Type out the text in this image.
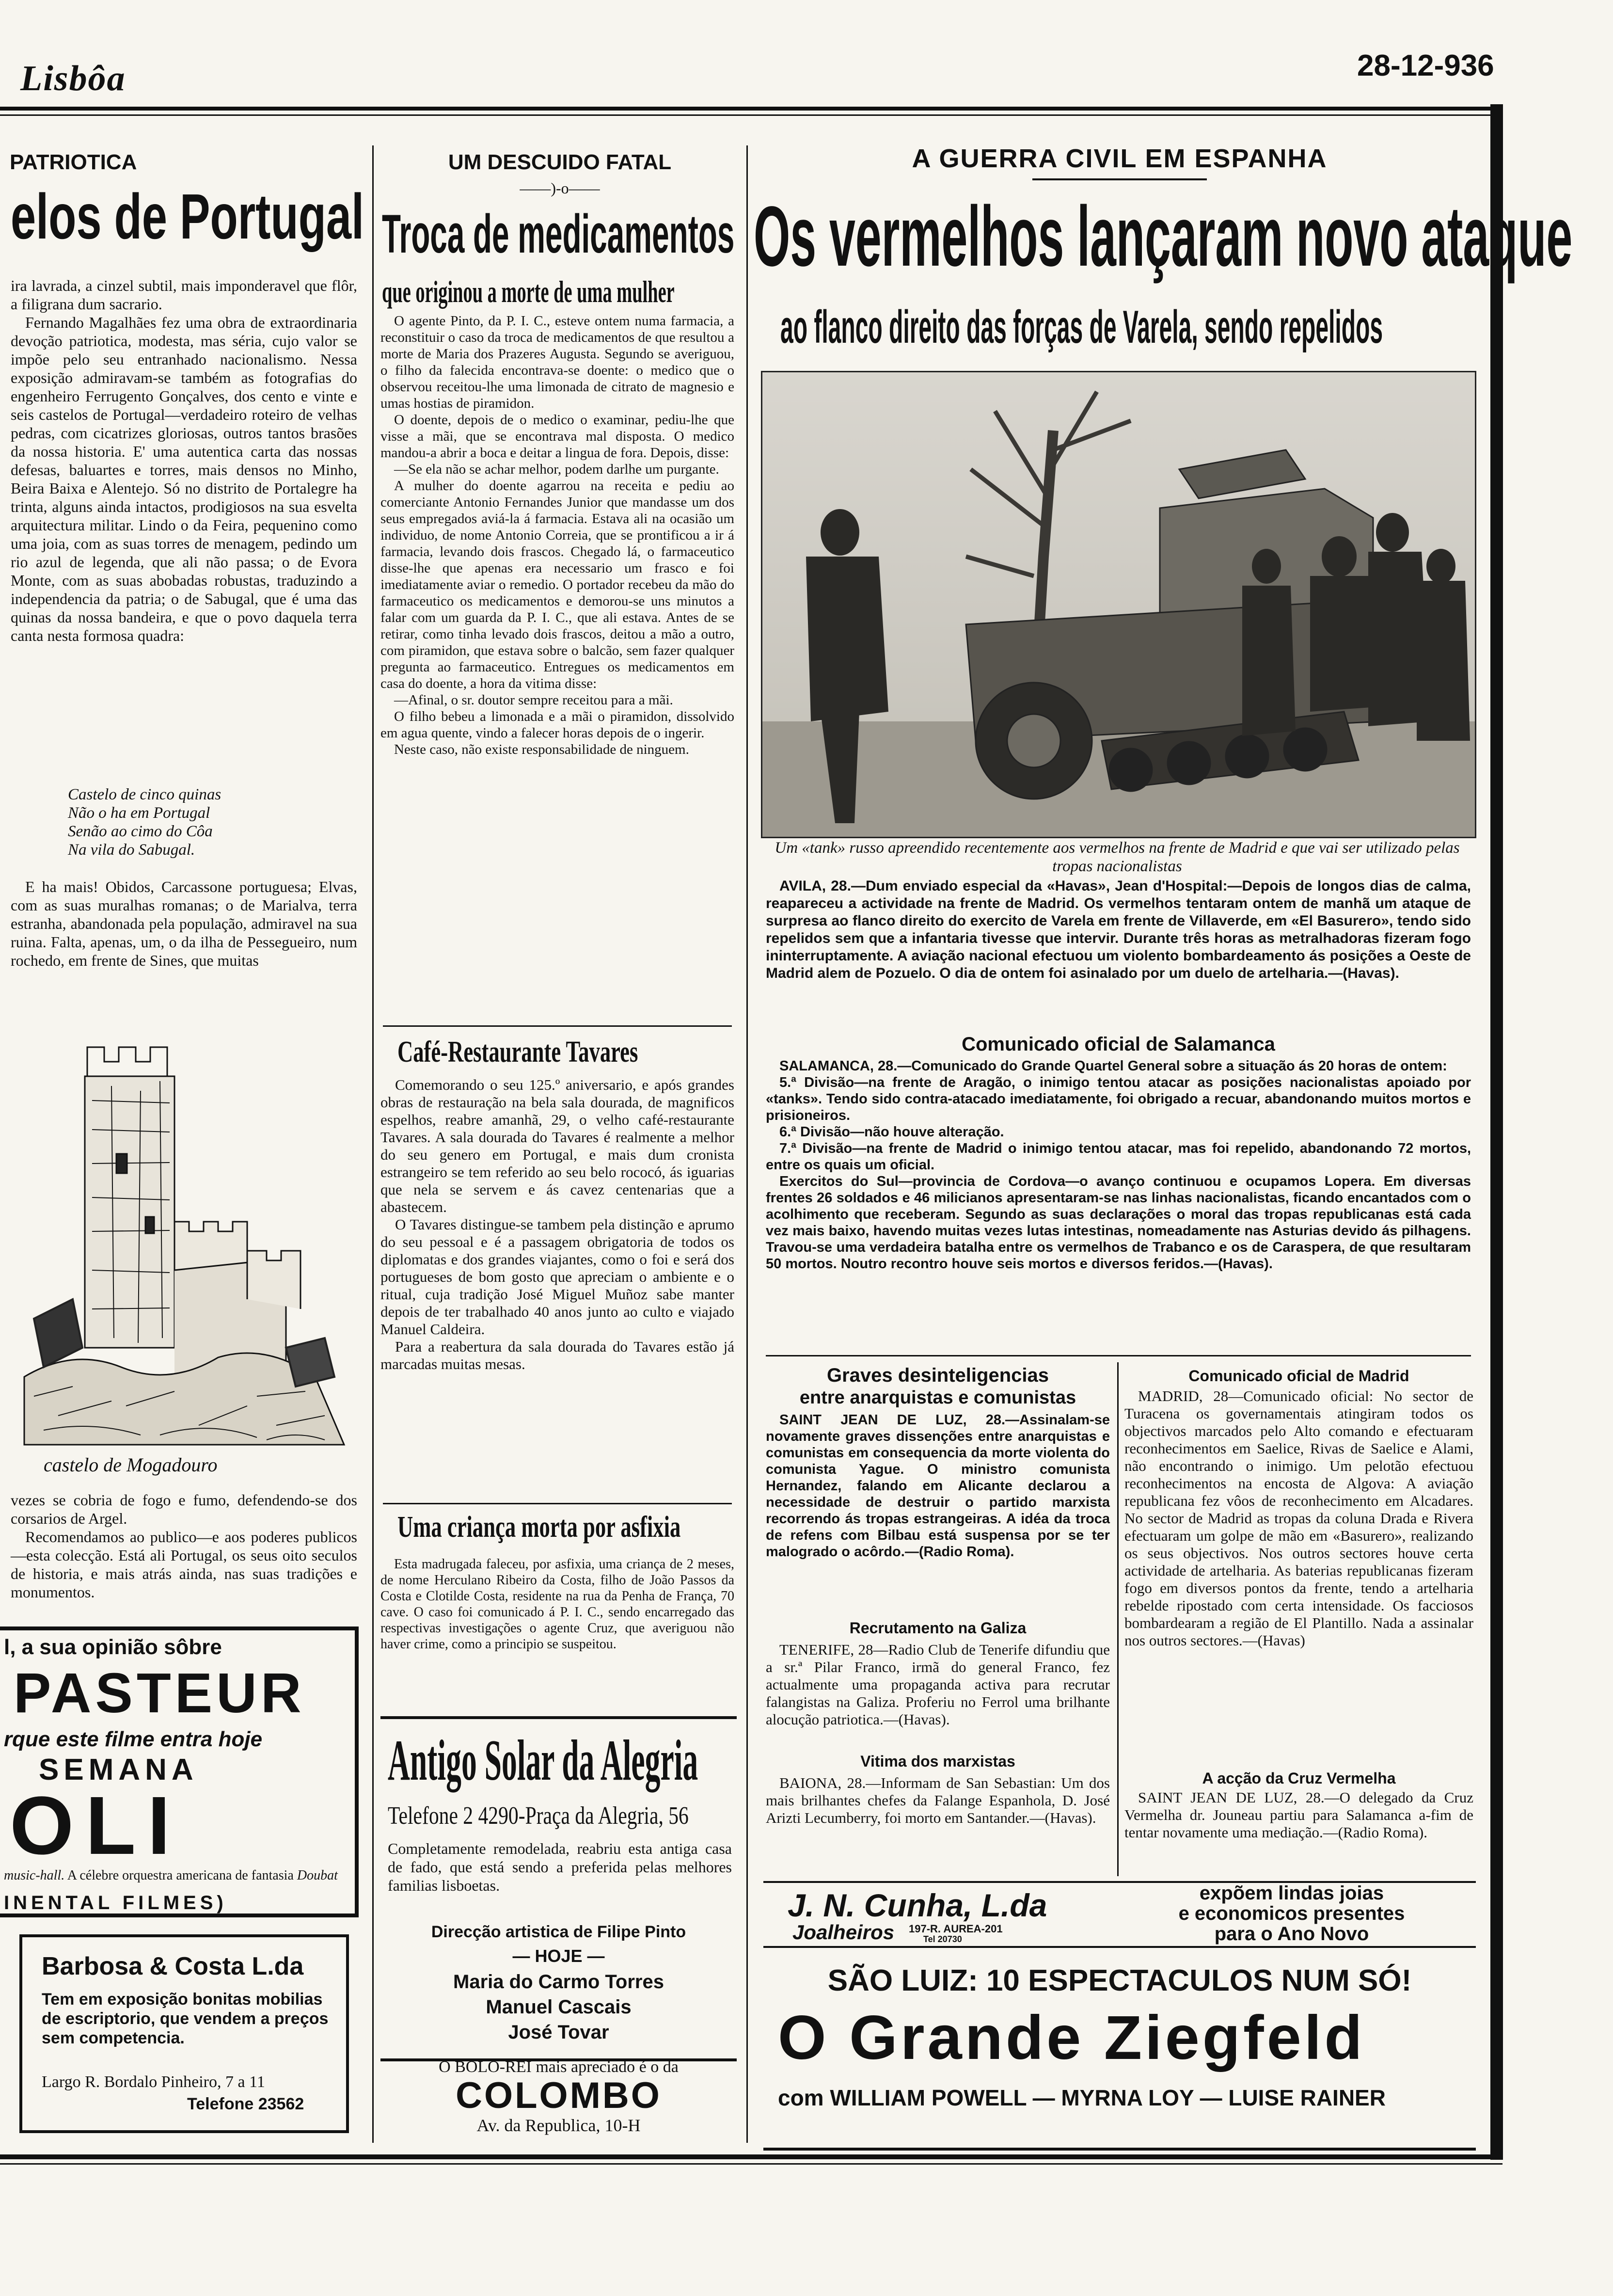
Lisbôa	28-12-936
PATRIOTICA
elos de Portugal

ira lavrada, a cinzel subtil, mais imponderavel que flôr, a filigrana dum sacrario.

Fernando Magalhães fez uma obra de extraordinaria devoção patriotica, modesta, mas séria, cujo valor se impõe pelo seu entranhado nacionalismo. Nessa exposição admiravam-se também as fotografias do engenheiro Ferrugento Gonçalves, dos cento e vinte e seis castelos de Portugal—verdadeiro roteiro de velhas pedras, com cicatrizes gloriosas, outros tantos brasões da nossa historia. E' uma autentica carta das nossas defesas, baluartes e torres, mais densos no Minho, Beira Baixa e Alentejo. Só no distrito de Portalegre ha trinta, alguns ainda intactos, prodigiosos na sua esvelta arquitectura militar. Lindo o da Feira, pequenino como uma joia, com as suas torres de menagem, pedindo um rio azul de legenda, que ali não passa; o de Evora Monte, com as suas abobadas robustas, traduzindo a independencia da patria; o de Sabugal, que é uma das quinas da nossa bandeira, e que o povo daquela terra canta nesta formosa quadra:

Castelo de cinco quinas
Não o ha em Portugal
Senão ao cimo do Côa
Na vila do Sabugal.

E ha mais! Obidos, Carcassone portuguesa; Elvas, com as suas muralhas romanas; o de Marialva, terra estranha, abandonada pela população, admiravel na sua ruina. Falta, apenas, um, o da ilha de Pessegueiro, num rochedo, em frente de Sines, que muitas

castelo de Mogadouro

vezes se cobria de fogo e fumo, defendendo-se dos corsarios de Argel.

Recomendamos ao publico—e aos poderes publicos—esta colecção. Está ali Portugal, os seus oito seculos de historia, e mais atrás ainda, nas suas tradições e monumentos.

l, a sua opinião sôbre
PASTEUR
rque este filme entra hoje
SEMANA
OLI
music-hall. A célebre orquestra americana de fantasia Doubat
INENTAL FILMES)
Barbosa & Costa L.da
Tem em exposição bonitas mobilias de escriptorio, que vendem a preços sem competencia.
Largo R. Bordalo Pinheiro, 7 a 11
Telefone 23562
UM DESCUIDO FATAL
——)-o——
Troca de medicamentos
que originou a morte de uma mulher

O agente Pinto, da P. I. C., esteve ontem numa farmacia, a reconstituir o caso da troca de medicamentos de que resultou a morte de Maria dos Prazeres Augusta. Segundo se averiguou, o filho da falecida encontrava-se doente: o medico que o observou receitou-lhe uma limonada de citrato de magnesio e umas hostias de piramidon.

O doente, depois de o medico o examinar, pediu-lhe que visse a mãi, que se encontrava mal disposta. O medico mandou-a abrir a boca e deitar a lingua de fora. Depois, disse:

—Se ela não se achar melhor, podem darlhe um purgante.

A mulher do doente agarrou na receita e pediu ao comerciante Antonio Fernandes Junior que mandasse um dos seus empregados aviá-la á farmacia. Estava ali na ocasião um individuo, de nome Antonio Correia, que se prontificou a ir á farmacia, levando dois frascos. Chegado lá, o farmaceutico disse-lhe que apenas era necessario um frasco e foi imediatamente aviar o remedio. O portador recebeu da mão do farmaceutico os medicamentos e demorou-se uns minutos a falar com um guarda da P. I. C., que ali estava. Antes de se retirar, como tinha levado dois frascos, deitou a mão a outro, com piramidon, que estava sobre o balcão, sem fazer qualquer pregunta ao farmaceutico. Entregues os medicamentos em casa do doente, a hora da vitima disse:

—Afinal, o sr. doutor sempre receitou para a mãi.

O filho bebeu a limonada e a mãi o piramidon, dissolvido em agua quente, vindo a falecer horas depois de o ingerir.

Neste caso, não existe responsabilidade de ninguem.

Café-Restaurante Tavares

Comemorando o seu 125.º aniversario, e após grandes obras de restauração na bela sala dourada, de magnificos espelhos, reabre amanhã, 29, o velho café-restaurante Tavares. A sala dourada do Tavares é realmente a melhor do seu genero em Portugal, e mais dum cronista estrangeiro se tem referido ao seu belo rococó, ás iguarias que nela se servem e ás cavez centenarias que a abastecem.

O Tavares distingue-se tambem pela distinção e aprumo do seu pessoal e é a passagem obrigatoria de todos os diplomatas e dos grandes viajantes, como o foi e será dos portugueses de bom gosto que apreciam o ambiente e o ritual, cuja tradição José Miguel Muñoz sabe manter depois de ter trabalhado 40 anos junto ao culto e viajado Manuel Caldeira.

Para a reabertura da sala dourada do Tavares estão já marcadas muitas mesas.

Uma criança morta por asfixia

Esta madrugada faleceu, por asfixia, uma criança de 2 meses, de nome Herculano Ribeiro da Costa, filho de João Passos da Costa e Clotilde Costa, residente na rua da Penha de França, 70 cave. O caso foi comunicado á P. I. C., sendo encarregado das respectivas investigações o agente Cruz, que averiguou não haver crime, como a principio se suspeitou.

Antigo Solar da Alegria
Telefone 2 4290-Praça da Alegria, 56
Completamente remodelada, reabriu esta antiga casa de fado, que está sendo a preferida pelas melhores familias lisboetas.
Direcção artistica de Filipe Pinto
— HOJE —
Maria do Carmo Torres
Manuel Cascais
José Tovar
O BOLO-REI mais apreciado é o da
COLOMBO
Av. da Republica, 10-H
A GUERRA CIVIL EM ESPANHA
Os vermelhos lançaram novo ataque
ao flanco direito das forças de Varela, sendo repelidos
Um «tank» russo apreendido recentemente aos vermelhos na frente de Madrid e que vai ser utilizado pelas tropas nacionalistas

AVILA, 28.—Dum enviado especial da «Havas», Jean d'Hospital:—Depois de longos dias de calma, reapareceu a actividade na frente de Madrid. Os vermelhos tentaram ontem de manhã um ataque de surpresa ao flanco direito do exercito de Varela em frente de Villaverde, em «El Basurero», tendo sido repelidos sem que a infantaria tivesse que intervir. Durante três horas as metralhadoras fizeram fogo ininterruptamente. A aviação nacional efectuou um violento bombardeamento ás posições a Oeste de Madrid alem de Pozuelo. O dia de ontem foi asinalado por um duelo de artelharia.—(Havas).

Comunicado oficial de Salamanca

SALAMANCA, 28.—Comunicado do Grande Quartel General sobre a situação ás 20 horas de ontem:

5.ª Divisão—na frente de Aragão, o inimigo tentou atacar as posições nacionalistas apoiado por «tanks». Tendo sido contra-atacado imediatamente, foi obrigado a recuar, abandonando muitos mortos e prisioneiros.

6.ª Divisão—não houve alteração.

7.ª Divisão—na frente de Madrid o inimigo tentou atacar, mas foi repelido, abandonando 72 mortos, entre os quais um oficial.

Exercitos do Sul—provincia de Cordova—o avanço continuou e ocupamos Lopera. Em diversas frentes 26 soldados e 46 milicianos apresentaram-se nas linhas nacionalistas, ficando encantados com o acolhimento que receberam. Segundo as suas declarações o moral das tropas republicanas está cada vez mais baixo, havendo muitas vezes lutas intestinas, nomeadamente nas Asturias devido ás pilhagens. Travou-se uma verdadeira batalha entre os vermelhos de Trabanco e os de Caraspera, de que resultaram 50 mortos. Noutro recontro houve seis mortos e diversos feridos.—(Havas).

Graves desinteligencias
entre anarquistas e comunistas

SAINT JEAN DE LUZ, 28.—Assinalam-se novamente graves dissenções entre anarquistas e comunistas em consequencia da morte violenta do comunista Yague. O ministro comunista Hernandez, falando em Alicante declarou a necessidade de destruir o partido marxista recorrendo ás tropas estrangeiras. A idéa da troca de refens com Bilbau está suspensa por se ter malogrado o acôrdo.—(Radio Roma).

Recrutamento na Galiza

TENERIFE, 28—Radio Club de Tenerife difundiu que a sr.ª Pilar Franco, irmã do general Franco, fez actualmente uma propaganda activa para recrutar falangistas na Galiza. Proferiu no Ferrol uma brilhante alocução patriotica.—(Havas).

Vitima dos marxistas

BAIONA, 28.—Informam de San Sebastian: Um dos mais brilhantes chefes da Falange Espanhola, D. José Arizti Lecumberry, foi morto em Santander.—(Havas).

Comunicado oficial de Madrid

MADRID, 28—Comunicado oficial: No sector de Turacena os governamentais atingiram todos os objectivos marcados pelo Alto comando e efectuaram reconhecimentos em Saelice, Rivas de Saelice e Alami, não encontrando o inimigo. Um pelotão efectuou reconhecimentos na encosta de Algova: A aviação republicana fez vôos de reconhecimento em Alcadares. No sector de Madrid as tropas da coluna Drada e Rivera efectuaram um golpe de mão em «Basurero», realizando os seus objectivos. Nos outros sectores houve certa actividade de artelharia. As baterias republicanas fizeram fogo em diversos pontos da frente, tendo a artelharia rebelde ripostado com certa intensidade. Os facciosos bombardearam a região de El Plantillo. Nada a assinalar nos outros sectores.—(Havas)

A acção da Cruz Vermelha

SAINT JEAN DE LUZ, 28.—O delegado da Cruz Vermelha dr. Jouneau partiu para Salamanca a-fim de tentar novamente uma mediação.—(Radio Roma).

J. N. Cunha, L.da
Joalheiros 197-R. AUREA-201
Tel 20730
expõem lindas joias
e economicos presentes
para o Ano Novo
SÃO LUIZ: 10 ESPECTACULOS NUM SÓ!
O Grande Ziegfeld
com WILLIAM POWELL — MYRNA LOY — LUISE RAINER
